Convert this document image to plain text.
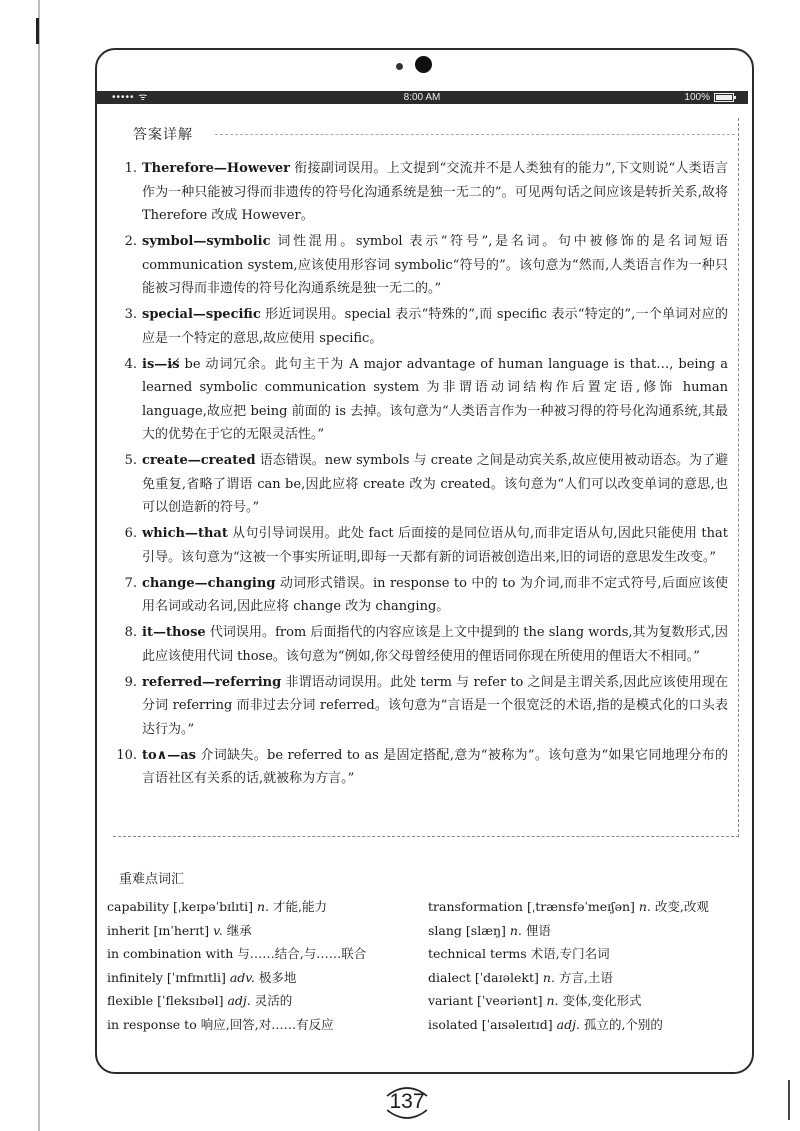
••••• ᯤ	8:00 AM	100%
答案详解
1. Therefore—However 衔接副词误用。上文提到“交流并不是人类独有的能力”,下文则说“人类语言作为一种只能被习得而非遗传的符号化沟通系统是独一无二的”。可见两句话之间应该是转折关系,故将 Therefore 改成 However。
2. symbol—symbolic 词性混用。symbol 表示“符号”,是名词。句中被修饰的是名词短语 communication system,应该使用形容词 symbolic“符号的”。该句意为“然而,人类语言作为一种只能被习得而非遗传的符号化沟通系统是独一无二的。”
3. special—specific 形近词误用。special 表示“特殊的”,而 specific 表示“特定的”,一个单词对应的应是一个特定的意思,故应使用 specific。
4. is—is̸ be 动词冗余。此句主干为 A major advantage of human language is that…, being a learned symbolic communication system 为非谓语动词结构作后置定语,修饰 human language,故应把 being 前面的 is 去掉。该句意为“人类语言作为一种被习得的符号化沟通系统,其最大的优势在于它的无限灵活性。”
5. create—created 语态错误。new symbols 与 create 之间是动宾关系,故应使用被动语态。为了避免重复,省略了谓语 can be,因此应将 create 改为 created。该句意为“人们可以改变单词的意思,也可以创造新的符号。”
6. which—that 从句引导词误用。此处 fact 后面接的是同位语从句,而非定语从句,因此只能使用 that 引导。该句意为“这被一个事实所证明,即每一天都有新的词语被创造出来,旧的词语的意思发生改变。”
7. change—changing 动词形式错误。in response to 中的 to 为介词,而非不定式符号,后面应该使用名词或动名词,因此应将 change 改为 changing。
8. it—those 代词误用。from 后面指代的内容应该是上文中提到的 the slang words,其为复数形式,因此应该使用代词 those。该句意为“例如,你父母曾经使用的俚语同你现在所使用的俚语大不相同。”
9. referred—referring 非谓语动词误用。此处 term 与 refer to 之间是主谓关系,因此应该使用现在分词 referring 而非过去分词 referred。该句意为“言语是一个很宽泛的术语,指的是模式化的口头表达行为。”
10. to∧—as 介词缺失。be referred to as 是固定搭配,意为“被称为”。该句意为“如果它同地理分布的言语社区有关系的话,就被称为方言。”
重难点词汇
capability [ˌkeɪpəˈbɪlɪti] n. 才能,能力
inherit [ɪnˈherɪt] v. 继承
in combination with 与……结合,与……联合
infinitely [ˈɪnfɪnɪtli] adv. 极多地
flexible [ˈfleksɪbəl] adj. 灵活的
in response to 响应,回答,对……有反应
transformation [ˌtrænsfəˈmeɪʃən] n. 改变,改观
slang [slæŋ] n. 俚语
technical terms 术语,专门名词
dialect [ˈdaɪəlekt] n. 方言,土语
variant [ˈveəriənt] n. 变体,变化形式
isolated [ˈaɪsəleɪtɪd] adj. 孤立的,个别的
137
